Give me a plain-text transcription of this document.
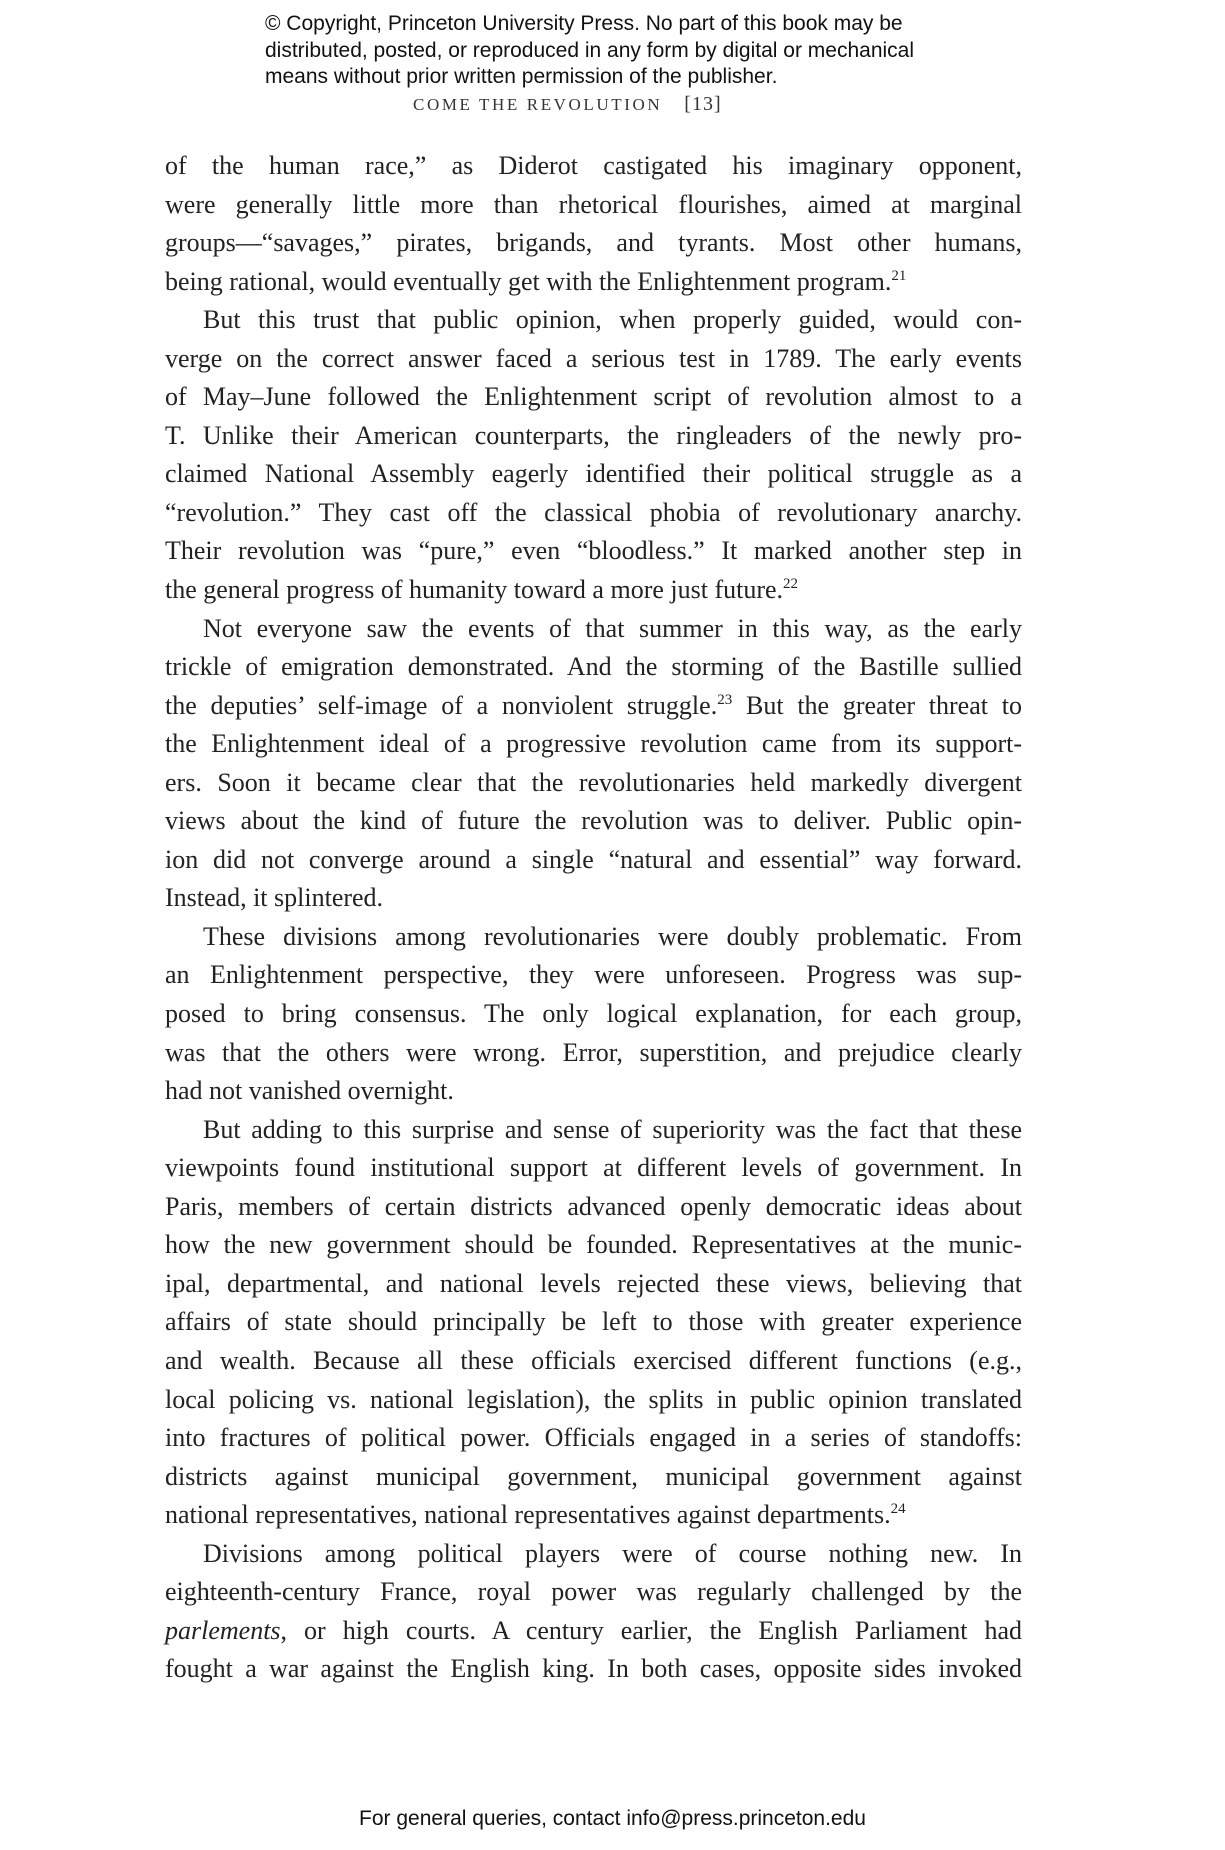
© Copyright, Princeton University Press. No part of this book may be
distributed, posted, or reproduced in any form by digital or mechanical
means without prior written permission of the publisher.
COME THE REVOLUTION [13]
of the human race,” as Diderot castigated his imaginary opponent,
were generally little more than rhetorical flourishes, aimed at marginal
groups—“savages,” pirates, brigands, and tyrants. Most other humans,
being rational, would eventually get with the Enlightenment program.$^{21}$
But this trust that public opinion, when properly guided, would con-
verge on the correct answer faced a serious test in 1789. The early events
of May–June followed the Enlightenment script of revolution almost to a
T. Unlike their American counterparts, the ringleaders of the newly pro-
claimed National Assembly eagerly identified their political struggle as a
“revolution.” They cast off the classical phobia of revolutionary anarchy.
Their revolution was “pure,” even “bloodless.” It marked another step in
the general progress of humanity toward a more just future.$^{22}$
Not everyone saw the events of that summer in this way, as the early
trickle of emigration demonstrated. And the storming of the Bastille sullied
the deputies’ self-image of a nonviolent struggle.$^{23}$ But the greater threat to
the Enlightenment ideal of a progressive revolution came from its support-
ers. Soon it became clear that the revolutionaries held markedly divergent
views about the kind of future the revolution was to deliver. Public opin-
ion did not converge around a single “natural and essential” way forward.
Instead, it splintered.
These divisions among revolutionaries were doubly problematic. From
an Enlightenment perspective, they were unforeseen. Progress was sup-
posed to bring consensus. The only logical explanation, for each group,
was that the others were wrong. Error, superstition, and prejudice clearly
had not vanished overnight.
But adding to this surprise and sense of superiority was the fact that these
viewpoints found institutional support at different levels of government. In
Paris, members of certain districts advanced openly democratic ideas about
how the new government should be founded. Representatives at the munic-
ipal, departmental, and national levels rejected these views, believing that
affairs of state should principally be left to those with greater experience
and wealth. Because all these officials exercised different functions (e.g.,
local policing vs. national legislation), the splits in public opinion translated
into fractures of political power. Officials engaged in a series of standoffs:
districts against municipal government, municipal government against
national representatives, national representatives against departments.$^{24}$
Divisions among political players were of course nothing new. In
eighteenth-century France, royal power was regularly challenged by the
parlements, or high courts. A century earlier, the English Parliament had
fought a war against the English king. In both cases, opposite sides invoked
For general queries, contact info@press.princeton.edu
